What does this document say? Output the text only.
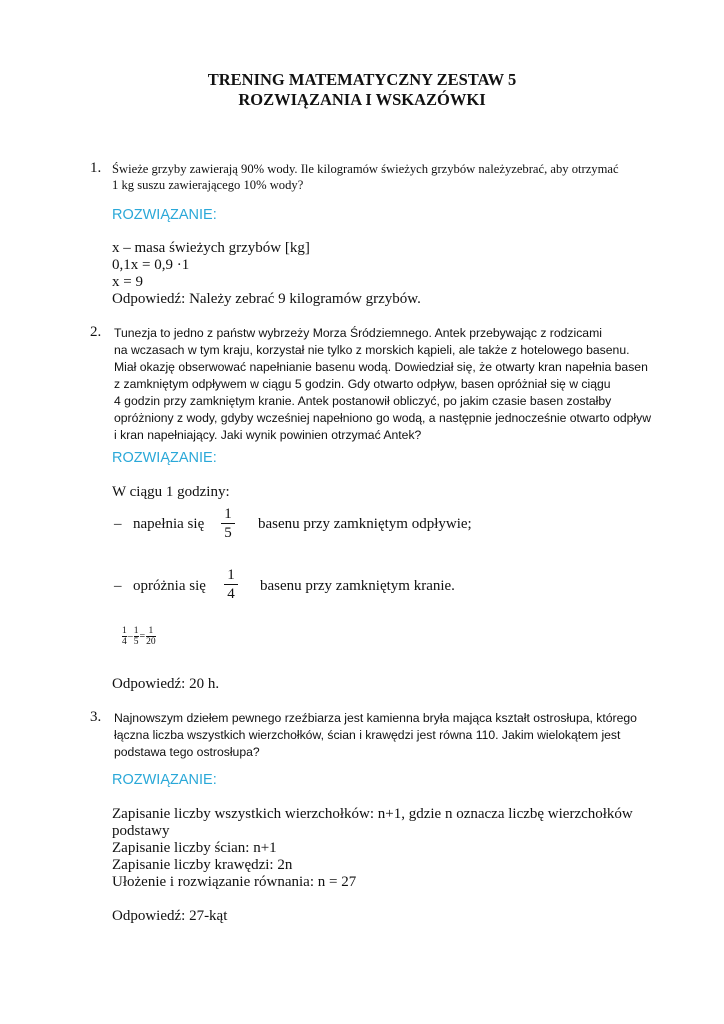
TRENING MATEMATYCZNY ZESTAW 5
ROZWIĄZANIA I WSKAZÓWKI
1. Świeże grzyby zawierają 90% wody. Ile kilogramów świeżych grzybów należyzebrać, aby otrzymać
1 kg suszu zawierającego 10% wody?
ROZWIĄZANIE:
x – masa świeżych grzybów [kg]
0,1x = 0,9 ·1
x = 9
Odpowiedź: Należy zebrać 9 kilogramów grzybów.
2. Tunezja to jedno z państw wybrzeży Morza Śródziemnego. Antek przebywając z rodzicami
na wczasach w tym kraju, korzystał nie tylko z morskich kąpieli, ale także z hotelowego basenu.
Miał okazję obserwować napełnianie basenu wodą. Dowiedział się, że otwarty kran napełnia basen
z zamkniętym odpływem w ciągu 5 godzin. Gdy otwarto odpływ, basen opróżniał się w ciągu
4 godzin przy zamkniętym kranie. Antek postanowił obliczyć, po jakim czasie basen zostałby
opróżniony z wody, gdyby wcześniej napełniono go wodą, a następnie jednocześnie otwarto odpływ
i kran napełniający. Jaki wynik powinien otrzymać Antek?
ROZWIĄZANIE:
W ciągu 1 godziny:
– napełnia się
1
5
basenu przy zamkniętym odpływie;
– opróżnia się
1
4 basenu przy zamkniętym kranie.
$\frac{1}{4} - \frac{1}{5} = \frac{1}{20}$
Odpowiedź: 20 h.
3. Najnowszym dziełem pewnego rzeźbiarza jest kamienna bryła mająca kształt ostrosłupa, którego
łączna liczba wszystkich wierzchołków, ścian i krawędzi jest równa 110. Jakim wielokątem jest
podstawa tego ostrosłupa?
ROZWIĄZANIE:
Zapisanie liczby wszystkich wierzchołków: n+1, gdzie n oznacza liczbę wierzchołków
podstawy
Zapisanie liczby ścian: n+1
Zapisanie liczby krawędzi: 2n
Ułożenie i rozwiązanie równania: n = 27
Odpowiedź: 27-kąt
